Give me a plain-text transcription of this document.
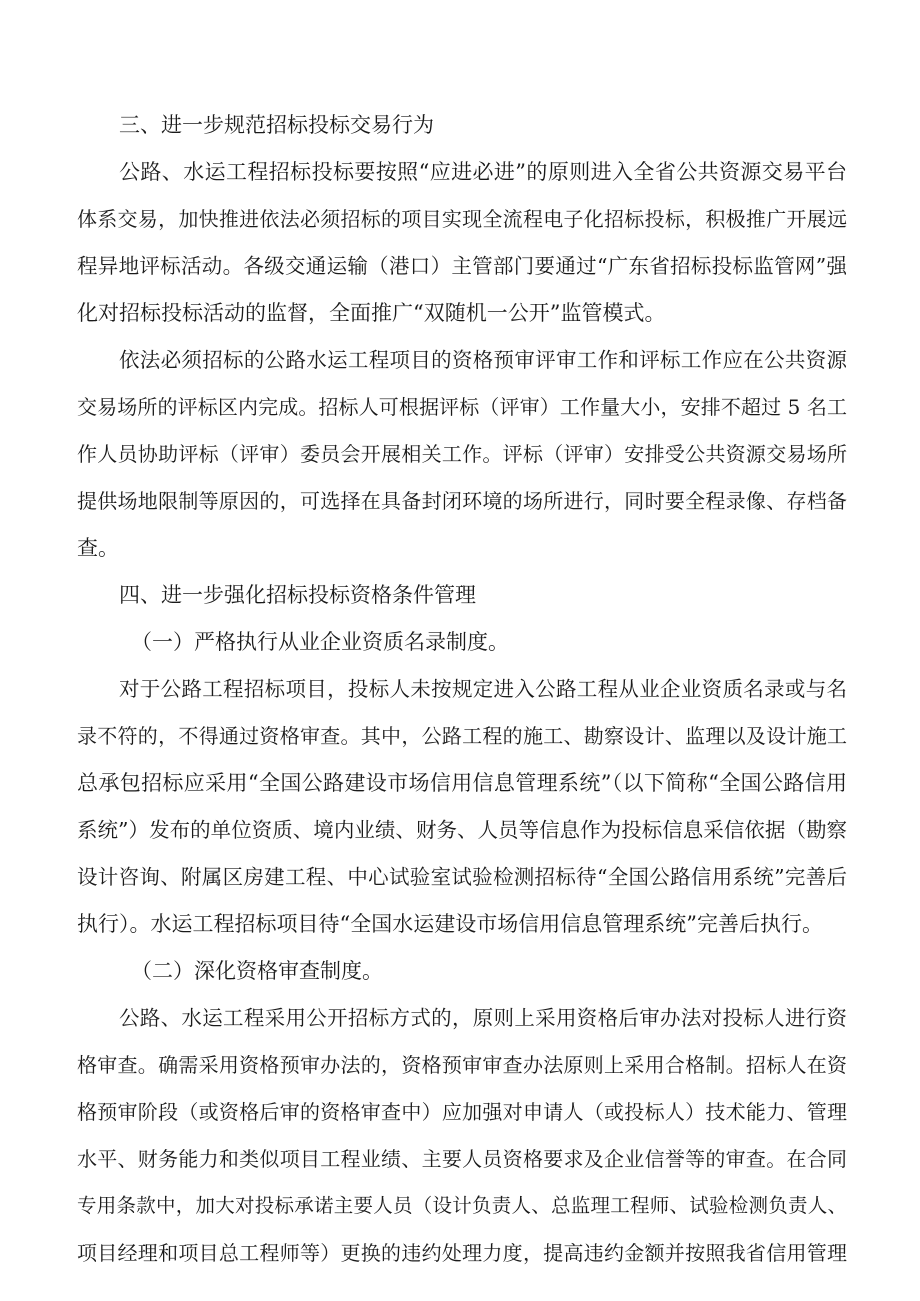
三、进一步规范招标投标交易行为
公路、水运工程招标投标要按照“应进必进”的原则进入全省公共资源交易平台
体系交易，加快推进依法必须招标的项目实现全流程电子化招标投标，积极推广开展远
程异地评标活动。各级交通运输（港口）主管部门要通过“广东省招标投标监管网”强
化对招标投标活动的监督，全面推广“双随机一公开”监管模式。
依法必须招标的公路水运工程项目的资格预审评审工作和评标工作应在公共资源
交易场所的评标区内完成。招标人可根据评标（评审）工作量大小，安排不超过 5 名工
作人员协助评标（评审）委员会开展相关工作。评标（评审）安排受公共资源交易场所
提供场地限制等原因的，可选择在具备封闭环境的场所进行，同时要全程录像、存档备
查。
四、进一步强化招标投标资格条件管理
（一）严格执行从业企业资质名录制度。
对于公路工程招标项目，投标人未按规定进入公路工程从业企业资质名录或与名
录不符的，不得通过资格审查。其中，公路工程的施工、勘察设计、监理以及设计施工
总承包招标应采用“全国公路建设市场信用信息管理系统”（以下简称“全国公路信用
系统”）发布的单位资质、境内业绩、财务、人员等信息作为投标信息采信依据（勘察
设计咨询、附属区房建工程、中心试验室试验检测招标待“全国公路信用系统”完善后
执行）。水运工程招标项目待“全国水运建设市场信用信息管理系统”完善后执行。
（二）深化资格审查制度。
公路、水运工程采用公开招标方式的，原则上采用资格后审办法对投标人进行资
格审查。确需采用资格预审办法的，资格预审审查办法原则上采用合格制。招标人在资
格预审阶段（或资格后审的资格审查中）应加强对申请人（或投标人）技术能力、管理
水平、财务能力和类似项目工程业绩、主要人员资格要求及企业信誉等的审查。在合同
专用条款中，加大对投标承诺主要人员（设计负责人、总监理工程师、试验检测负责人、
项目经理和项目总工程师等）更换的违约处理力度，提高违约金额并按照我省信用管理
